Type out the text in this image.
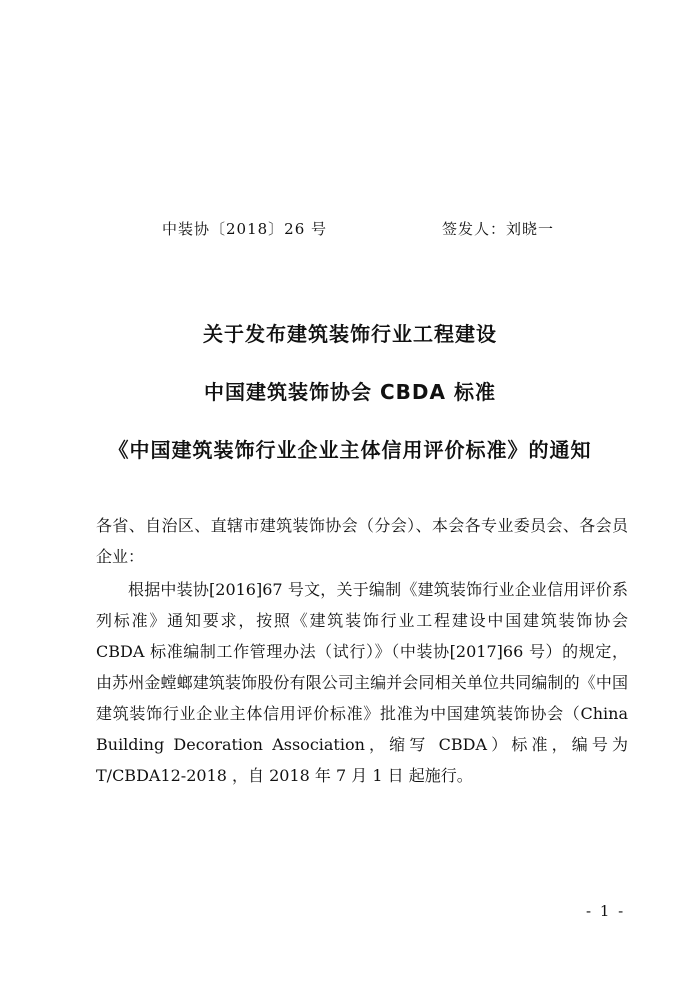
中装协〔2018〕26 号	签发人：刘晓一
关于发布建筑装饰行业工程建设
中国建筑装饰协会 CBDA 标准
《中国建筑装饰行业企业主体信用评价标准》的通知
各省、自治区、直辖市建筑装饰协会（分会）、本会各专业委员会、各会员企业：
根据中装协[2016]67 号文，关于编制《建筑装饰行业企业信用评价系列标准》通知要求，按照《建筑装饰行业工程建设中国建筑装饰协会 CBDA 标准编制工作管理办法（试行）》（中装协[2017]66 号）的规定，由苏州金螳螂建筑装饰股份有限公司主编并会同相关单位共同编制的《中国建筑装饰行业企业主体信用评价标准》批准为中国建筑装饰协会（China Building Decoration Association，缩写 CBDA）标准，编号为 T/CBDA12-2018 ，自 2018 年 7 月 1 日 起施行。
- 1 -
